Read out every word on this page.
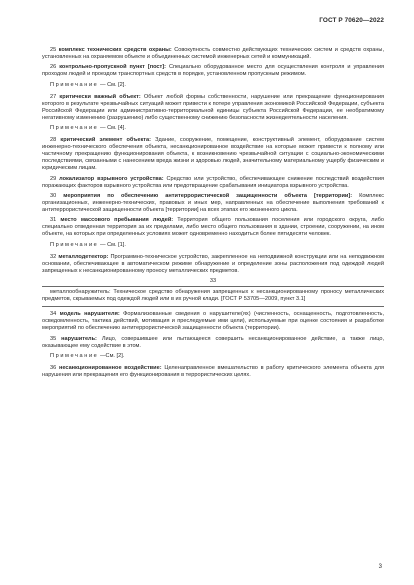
ГОСТ Р 70620—2022

25 комплекс технических средств охраны: Совокупность совместно действующих технических систем и средств охраны, установленных на охраняемом объекте и объединенных системой инженерных сетей и коммуникаций.

26 контрольно-пропускной пункт [пост]: Специально оборудованное место для осуществления контроля и управления проходом людей и проездом транспортных средств в порядке, установленном пропускным режимом.

Примечание — См. [2].

27 критически важный объект: Объект любой формы собственности, нарушение или прекращение функционирования которого в результате чрезвычайных ситуаций может привести к потере управления экономикой Российской Федерации, субъекта Российской Федерации или административно-территориальной единицы субъекта Российской Федерации, ее необратимому негативному изменению (разрушению) либо существенному снижению безопасности жизнедеятельности населения.

Примечание — См. [4].

28 критический элемент объекта: Здание, сооружение, помещение, конструктивный элемент, оборудование систем инженерно-технического обеспечения объекта, несанкционированное воздействие на которые может привести к полному или частичному прекращению функционирования объекта, к возникновению чрезвычайной ситуации с социально-экономическими последствиями, связанными с нанесением вреда жизни и здоровью людей, значительному материальному ущербу физическим и юридическим лицам.

29 локализатор взрывного устройства: Средство или устройство, обеспечивающее снижение последствий воздействия поражающих факторов взрывного устройства или предотвращение срабатывания инициатора взрывного устройства.

30 мероприятия по обеспечению антитеррористической защищенности объекта [территории]: Комплекс организационных, инженерно-технических, правовых и иных мер, направленных на обеспечение выполнения требований к антитеррористической защищенности объекта [территории] на всех этапах его жизненного цикла.

31 место массового пребывания людей: Территория общего пользования поселения или городского округа, либо специально отведенная территория за их пределами, либо место общего пользования в здании, строении, сооружении, на ином объекте, на которых при определенных условиях может одновременно находиться более пятидесяти человек.

Примечание — См. [1].

32 металлодетектор: Программно-техническое устройство, закрепленное на неподвижной конструкции или на неподвижном основании, обеспечивающее в автоматическом режиме обнаружение и определение зоны расположения под одеждой людей запрещенных к несанкционированному проносу металлических предметов.

33

металлообнаружитель: Техническое средство обнаружения запрещенных к несанкционированному проносу металлических предметов, скрываемых под одеждой людей или в их ручной клади. [ГОСТ Р 53705—2009, пункт 3.1]

34 модель нарушителя: Формализованные сведения о нарушителе(ях) (численность, оснащенность, подготовленность, осведомленность, тактика действий, мотивация и преследуемые ими цели), используемые при оценке состояния и разработке мероприятий по обеспечению антитеррористической защищенности объекта (территории).

35 нарушитель: Лицо, совершившее или пытающееся совершить несанкционированное действие, а также лицо, оказывающее ему содействие в этом.

Примечание —См. [2].

36 несанкционированное воздействие: Целенаправленное вмешательство в работу критического элемента объекта для нарушения или прекращения его функционирования в террористических целях.

3
